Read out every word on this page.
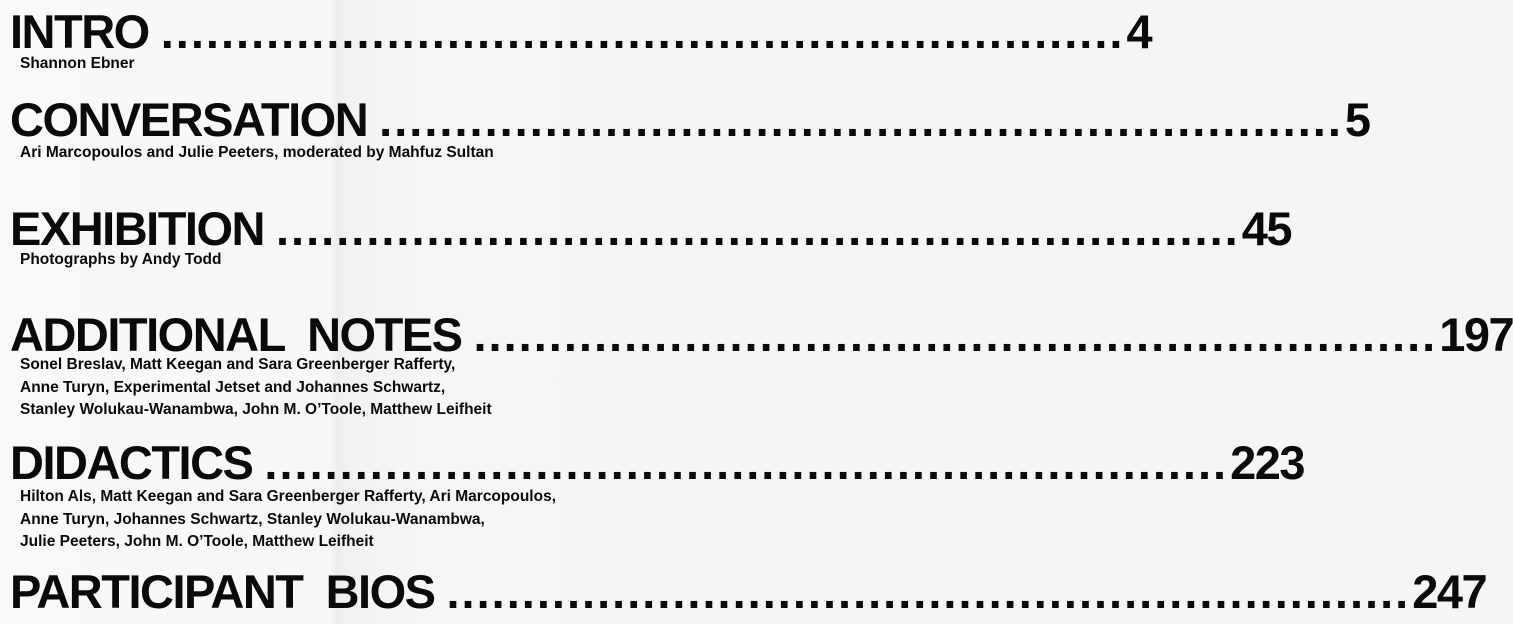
INTRO ................................................................ 4
Shannon Ebner
CONVERSATION ................................................................ 5
Ari Marcopoulos and Julie Peeters, moderated by Mahfuz Sultan
EXHIBITION ................................................................ 45
Photographs by Andy Todd
ADDITIONAL  NOTES ................................................................ 197
Sonel Breslav, Matt Keegan and Sara Greenberger Rafferty,
Anne Turyn, Experimental Jetset and Johannes Schwartz,
Stanley Wolukau-Wanambwa, John M. O’Toole, Matthew Leifheit
DIDACTICS ................................................................ 223
Hilton Als, Matt Keegan and Sara Greenberger Rafferty, Ari Marcopoulos,
Anne Turyn, Johannes Schwartz, Stanley Wolukau-Wanambwa,
Julie Peeters, John M. O’Toole, Matthew Leifheit
PARTICIPANT  BIOS ................................................................ 247
